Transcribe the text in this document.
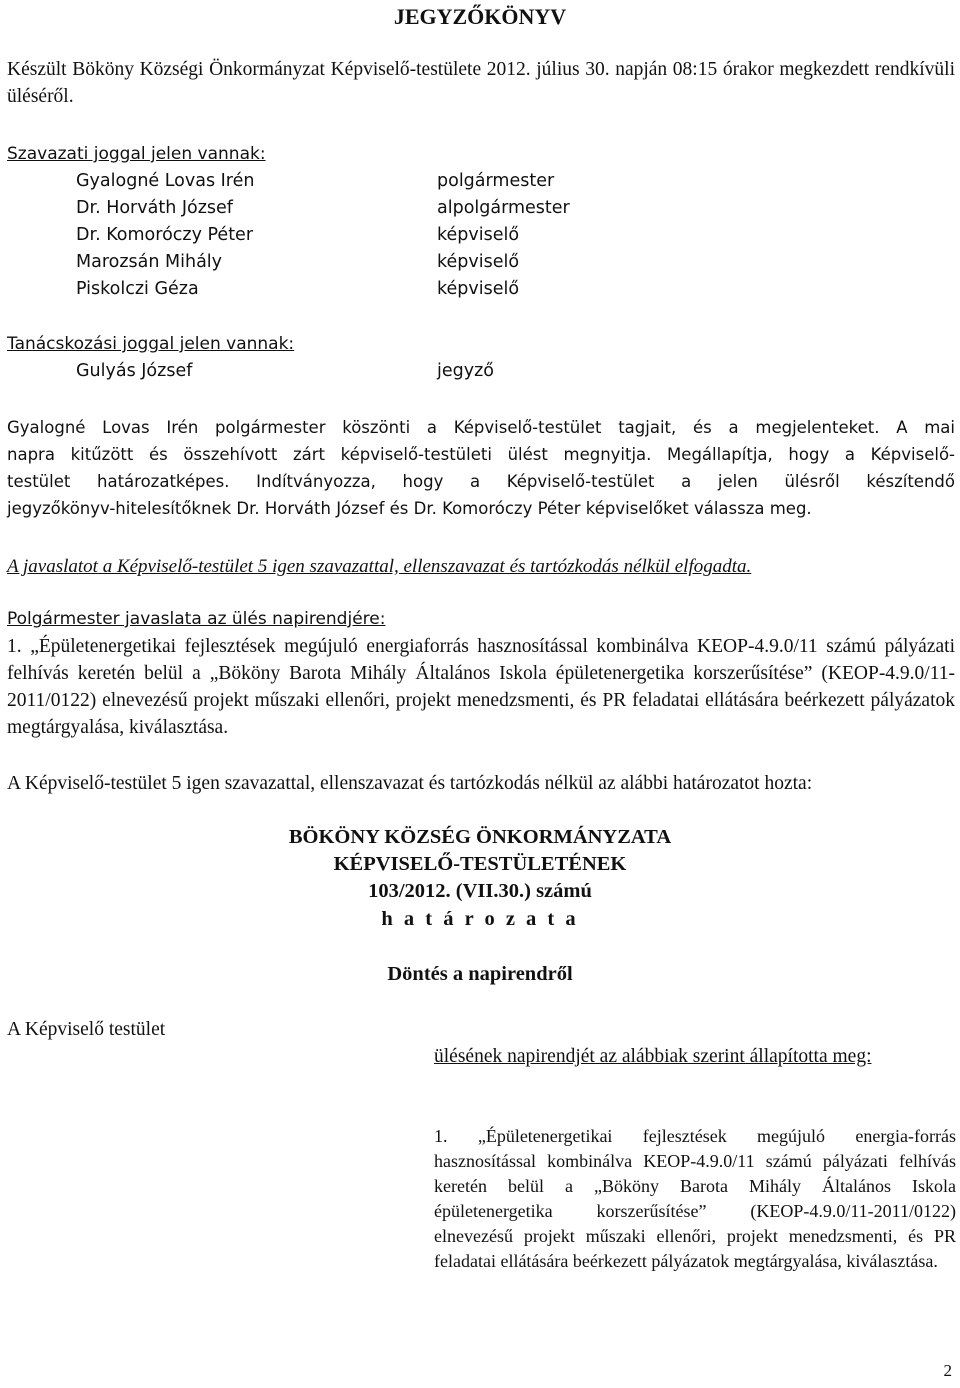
JEGYZŐKÖNYV

Készült Bököny Községi Önkormányzat Képviselő-testülete 2012. július 30. napján 08:15 órakor megkezdett rendkívüli üléséről.

Szavazati joggal jelen vannak:
Gyalogné Lovas Irén	polgármester
Dr. Horváth József	alpolgármester
Dr. Komoróczy Péter	képviselő
Marozsán Mihály	képviselő
Piskolczi Géza	képviselő
Tanácskozási joggal jelen vannak:
Gulyás József	jegyző
Gyalogné Lovas Irén polgármester köszönti a Képviselő-testület tagjait, és a megjelenteket. A mai
napra kitűzött és összehívott zárt képviselő-testületi ülést megnyitja. Megállapítja, hogy a Képviselő-
testület határozatképes. Indítványozza, hogy a Képviselő-testület a jelen ülésről készítendő
jegyzőkönyv-hitelesítőknek Dr. Horváth József és Dr. Komoróczy Péter képviselőket válassza meg.

A javaslatot a Képviselő-testület 5 igen szavazattal, ellenszavazat és tartózkodás nélkül elfogadta.

Polgármester javaslata az ülés napirendjére:

1. „Épületenergetikai fejlesztések megújuló energiaforrás hasznosítással kombinálva KEOP-4.9.0/11 számú pályázati felhívás keretén belül a „Bököny Barota Mihály Általános Iskola épületenergetika korszerűsítése” (KEOP-4.9.0/11-2011/0122) elnevezésű projekt műszaki ellenőri, projekt menedzsmenti, és PR feladatai ellátására beérkezett pályázatok megtárgyalása, kiválasztása.

A Képviselő-testület 5 igen szavazattal, ellenszavazat és tartózkodás nélkül az alábbi határozatot hozta:

BÖKÖNY KÖZSÉG ÖNKORMÁNYZATA
KÉPVISELŐ-TESTÜLETÉNEK
103/2012. (VII.30.) számú
h a t á r o z a t a
Döntés a napirendről
A Képviselő testület

ülésének napirendjét az alábbiak szerint állapította meg:

1. „Épületenergetikai fejlesztések megújuló energia-forrás hasznosítással kombinálva KEOP-4.9.0/11 számú pályázati felhívás keretén belül a „Bököny Barota Mihály Általános Iskola épületenergetika korszerűsítése” (KEOP-4.9.0/11-2011/0122) elnevezésű projekt műszaki ellenőri, projekt menedzsmenti, és PR feladatai ellátására beérkezett pályázatok megtárgyalása, kiválasztása.

2
